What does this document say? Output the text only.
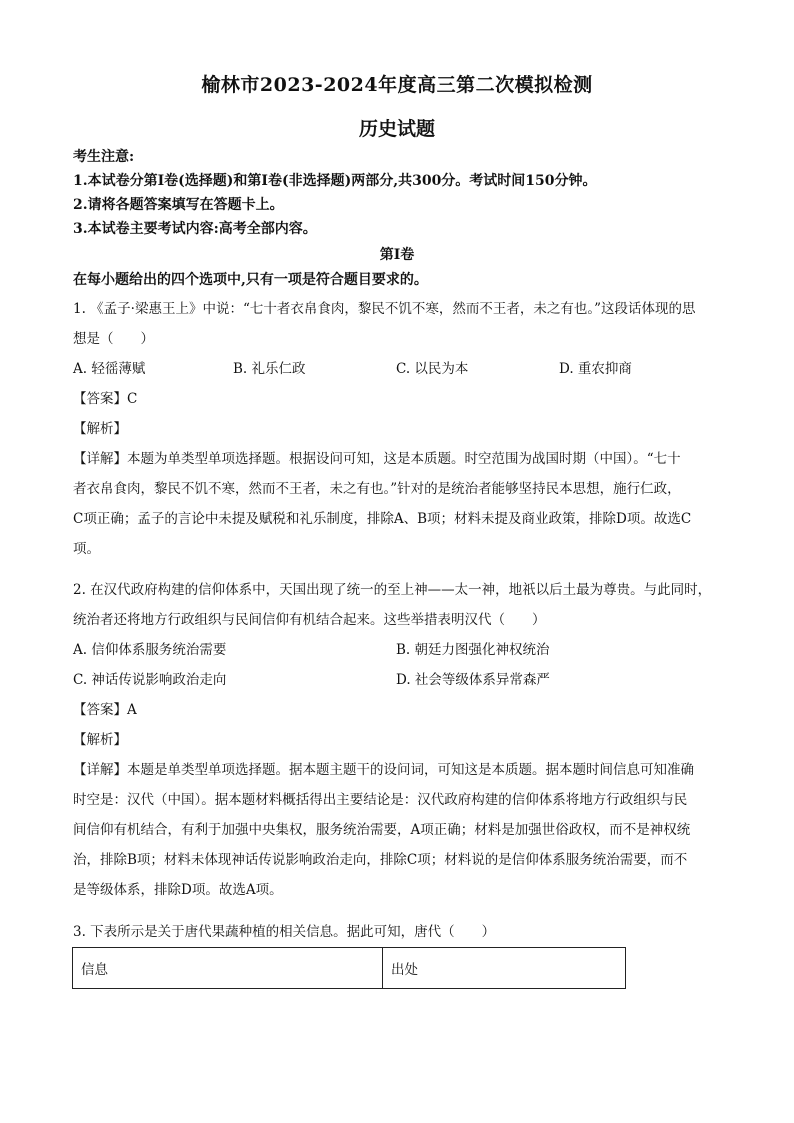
榆林市2023-2024年度高三第二次模拟检测
历史试题
考生注意:
1.本试卷分第Ⅰ卷(选择题)和第Ⅰ卷(非选择题)两部分,共300分。考试时间150分钟。
2.请将各题答案填写在答题卡上。
3.本试卷主要考试内容:高考全部内容。
第Ⅰ卷
在每小题给出的四个选项中,只有一项是符合题目要求的。
1. 《孟子·梁惠王上》中说：“七十者衣帛食肉，黎民不饥不寒，然而不王者，未之有也。”这段话体现的思
想是（　　）
A. 轻徭薄赋	B. 礼乐仁政	C. 以民为本	D. 重农抑商
【答案】C
【解析】
【详解】本题为单类型单项选择题。根据设问可知，这是本质题。时空范围为战国时期（中国）。“七十
者衣帛食肉，黎民不饥不寒，然而不王者，未之有也。”针对的是统治者能够坚持民本思想，施行仁政，
C项正确；孟子的言论中未提及赋税和礼乐制度，排除A、B项；材料未提及商业政策，排除D项。故选C
项。
2. 在汉代政府构建的信仰体系中，天国出现了统一的至上神——太一神，地祇以后土最为尊贵。与此同时，
统治者还将地方行政组织与民间信仰有机结合起来。这些举措表明汉代（　　）
A. 信仰体系服务统治需要	B. 朝廷力图强化神权统治
C. 神话传说影响政治走向	D. 社会等级体系异常森严
【答案】A
【解析】
【详解】本题是单类型单项选择题。据本题主题干的设问词，可知这是本质题。据本题时间信息可知准确
时空是：汉代（中国）。据本题材料概括得出主要结论是：汉代政府构建的信仰体系将地方行政组织与民
间信仰有机结合，有利于加强中央集权，服务统治需要，A项正确；材料是加强世俗政权，而不是神权统
治，排除B项；材料未体现神话传说影响政治走向，排除C项；材料说的是信仰体系服务统治需要，而不
是等级体系，排除D项。故选A项。
3. 下表所示是关于唐代果蔬种植的相关信息。据此可知，唐代（　　）
信息	出处
